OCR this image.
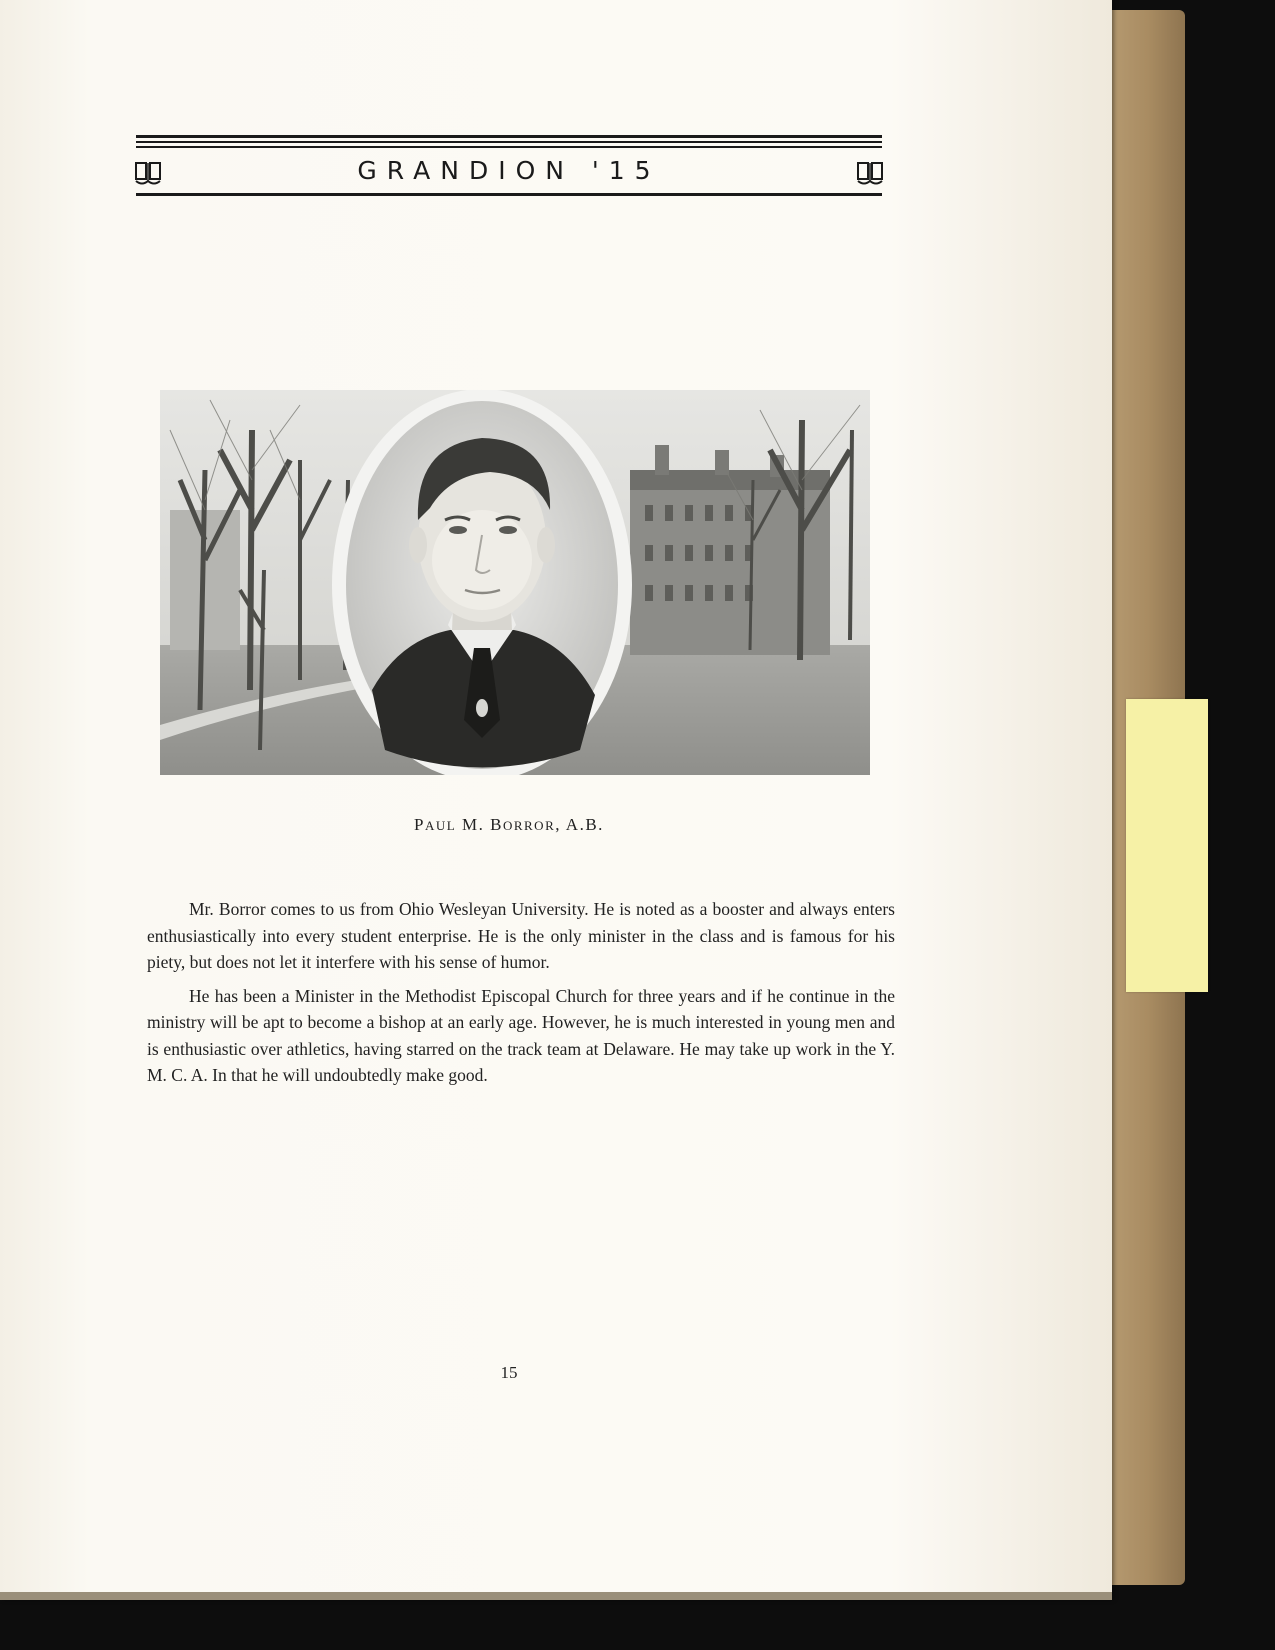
GRANDION '15
PAUL M. BORROR, A.B.

Mr. Borror comes to us from Ohio Wesleyan University. He is noted as a booster and always enters enthusiastically into every student enterprise. He is the only minister in the class and is famous for his piety, but does not let it interfere with his sense of humor.

He has been a Minister in the Methodist Episcopal Church for three years and if he continue in the ministry will be apt to become a bishop at an early age. However, he is much interested in young men and is enthusiastic over athletics, having starred on the track team at Delaware. He may take up work in the Y. M. C. A. In that he will undoubtedly make good.

15
